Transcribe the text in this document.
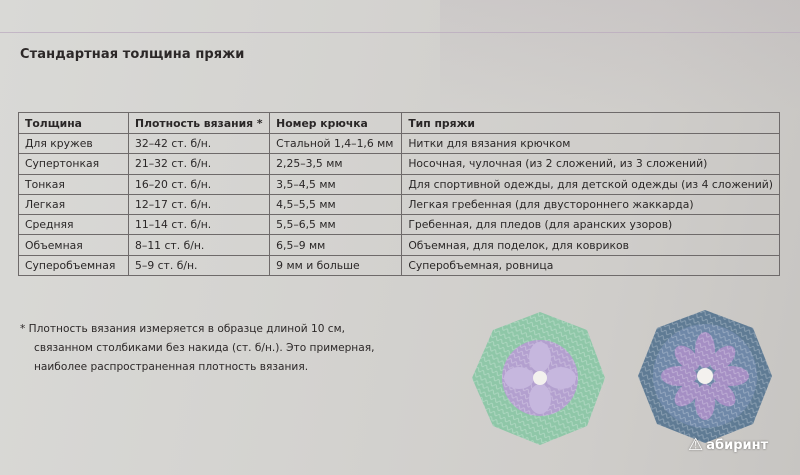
Стандартная толщина пряжи
Толщина	Плотность вязания *	Номер крючка	Тип пряжи
Для кружев	32–42 ст. б/н.	Стальной 1,4–1,6 мм	Нитки для вязания крючком
Супертонкая	21–32 ст. б/н.	2,25–3,5 мм	Носочная, чулочная (из 2 сложений, из 3 сложений)
Тонкая	16–20 ст. б/н.	3,5–4,5 мм	Для спортивной одежды, для детской одежды (из 4 сложений)
Легкая	12–17 ст. б/н.	4,5–5,5 мм	Легкая гребенная (для двустороннего жаккарда)
Средняя	11–14 ст. б/н.	5,5–6,5 мм	Гребенная, для пледов (для аранских узоров)
Объемная	8–11 ст. б/н.	6,5–9 мм	Объемная, для поделок, для ковриков
Суперобъемная	5–9 ст. б/н.	9 мм и больше	Суперобъемная, ровница

* Плотность вязания измеряется в образце длиной 10 см,

связанном столбиками без накида (ст. б/н.). Это примерная,

наиболее распространенная плотность вязания.

⚠ абиринт
